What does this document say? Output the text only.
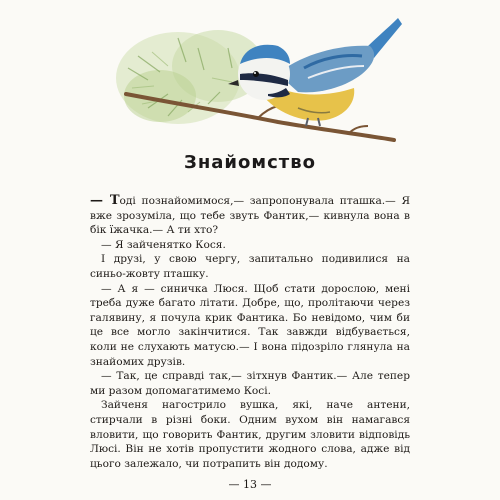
Знайомство

— Тоді познайомимося,— запропонувала пташка.— Я вже зрозуміла, що тебе звуть Фантик,— кивнула вона в бік їжачка.— А ти хто?

— Я зайченятко Кося.

І друзі, у свою чергу, запитально подивилися на синьо-жовту пташку.

— А я — синичка Люся. Щоб стати дорослою, мені треба дуже багато літати. Добре, що, пролітаючи через галявину, я почула крик Фантика. Бо невідомо, чим би це все могло закінчитися. Так завжди відбувається, коли не слухають матусю.— І вона підозріло глянула на знайомих друзів.

— Так, це справді так,— зітхнув Фантик.— Але тепер ми разом допомагатимемо Косі.

Зайченя нагострило вушка, які, наче антени, стирчали в різні боки. Одним вухом він намагався вловити, що говорить Фантик, другим зловити відповідь Люсі. Він не хотів пропустити жодного слова, адже від цього залежало, чи потрапить він додому.

— 13 —
